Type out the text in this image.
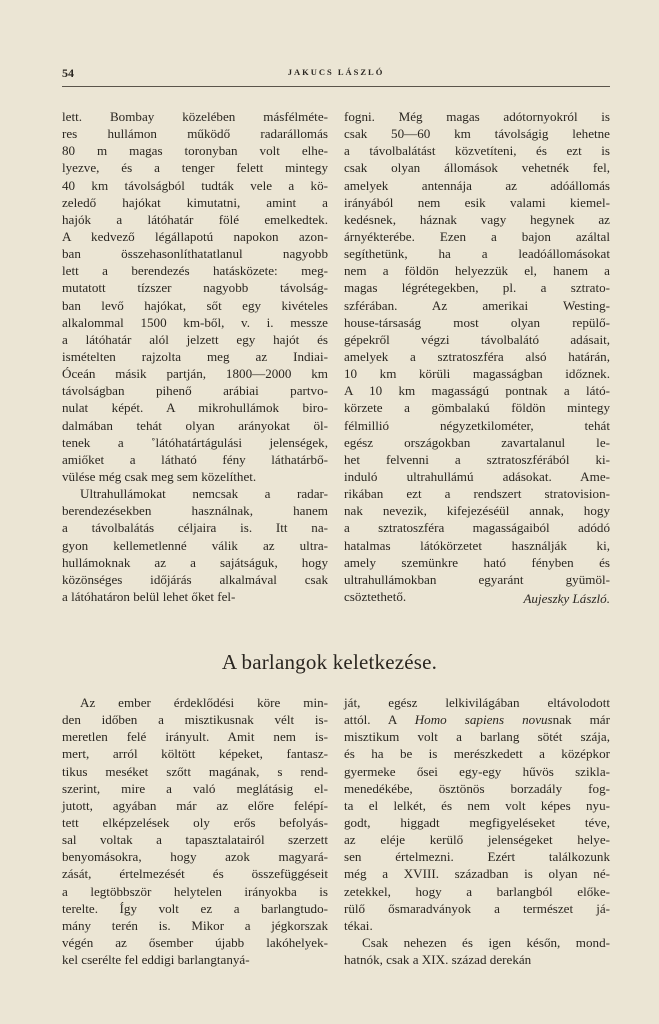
54	JAKUCS LÁSZLÓ
lett. Bombay közelében másfélméte-
res hullámon működő radarállomás
80 m magas toronyban volt elhe-
lyezve, és a tenger felett mintegy
40 km távolságból tudták vele a kö-
zeledő hajókat kimutatni, amint a
hajók a látóhatár fölé emelkedtek.
A kedvező légállapotú napokon azon-
ban összehasonlíthatatlanul nagyobb
lett a berendezés hatásközete: meg-
mutatott tízszer nagyobb távolság-
ban levő hajókat, sőt egy kivételes
alkalommal 1500 km-ből, v. i. messze
a látóhatár alól jelzett egy hajót és
ismételten rajzolta meg az Indiai-
Óceán másik partján, 1800—2000 km
távolságban pihenő arábiai partvo-
nulat képét. A mikrohullámok biro-
dalmában tehát olyan arányokat öl-
tenek a ˚látóhatártágulási jelenségek,
amiőket a látható fény láthatárbő-
vülése még csak meg sem közelíthet.
Ultrahullámokat nemcsak a radar-
berendezésekben használnak, hanem
a távolbalátás céljaira is. Itt na-
gyon kellemetlenné válik az ultra-
hullámoknak az a sajátságuk, hogy
közönséges időjárás alkalmával csak
a látóhatáron belül lehet őket fel-
fogni. Még magas adótornyokról is
csak 50—60 km távolságig lehetne
a távolbalátást közvetíteni, és ezt is
csak olyan állomások vehetnék fel,
amelyek antennája az adóállomás
irányából nem esik valami kiemel-
kedésnek, háznak vagy hegynek az
árnyékterébe. Ezen a bajon azáltal
segíthetünk, ha a leadóállomásokat
nem a földön helyezzük el, hanem a
magas légrétegekben, pl. a sztrato-
szférában. Az amerikai Westing-
house-társaság most olyan repülő-
gépekről végzi távolbalátó adásait,
amelyek a sztratoszféra alsó határán,
10 km körüli magasságban időznek.
A 10 km magasságú pontnak a látó-
körzete a gömbalakú földön mintegy
félmillió négyzetkilométer, tehát
egész országokban zavartalanul le-
het felvenni a sztratoszférából ki-
induló ultrahullámú adásokat. Ame-
rikában ezt a rendszert stratovision-
nak nevezik, kifejezéséül annak, hogy
a sztratoszféra magasságaiból adódó
hatalmas látókörzetet használják ki,
amely szemünkre ható fényben és
ultrahullámokban egyaránt gyümöl-
csöztethető.	Aujeszky László.
A barlangok keletkezése.
Az ember érdeklődési köre min-
den időben a misztikusnak vélt is-
meretlen felé irányult. Amit nem is-
mert, arról költött képeket, fantasz-
tikus meséket szőtt magának, s rend-
szerint, mire a való meglátásig el-
jutott, agyában már az előre felépí-
tett elképzelések oly erős befolyás-
sal voltak a tapasztalatairól szerzett
benyomásokra, hogy azok magyará-
zását, értelmezését és összefüggéseit
a legtöbbször helytelen irányokba is
terelte. Így volt ez a barlangtudo-
mány terén is. Mikor a jégkorszak
végén az ősember újabb lakóhelyek-
kel cserélte fel eddigi barlangtanyá-
ját, egész lelkivilágában eltávolodott
attól. A Homo sapiens novusnak már
misztikum volt a barlang sötét szája,
és ha be is merészkedett a középkor
gyermeke ősei egy-egy hűvös szikla-
menedékébe, ösztönös borzadály fog-
ta el lelkét, és nem volt képes nyu-
godt, higgadt megfigyeléseket téve,
az eléje kerülő jelenségeket helye-
sen értelmezni. Ezért találkozunk
még a XVIII. században is olyan né-
zetekkel, hogy a barlangból előke-
rülő ősmaradványok a természet já-
tékai.
Csak nehezen és igen későn, mond-
hatnók, csak a XIX. század derekán
